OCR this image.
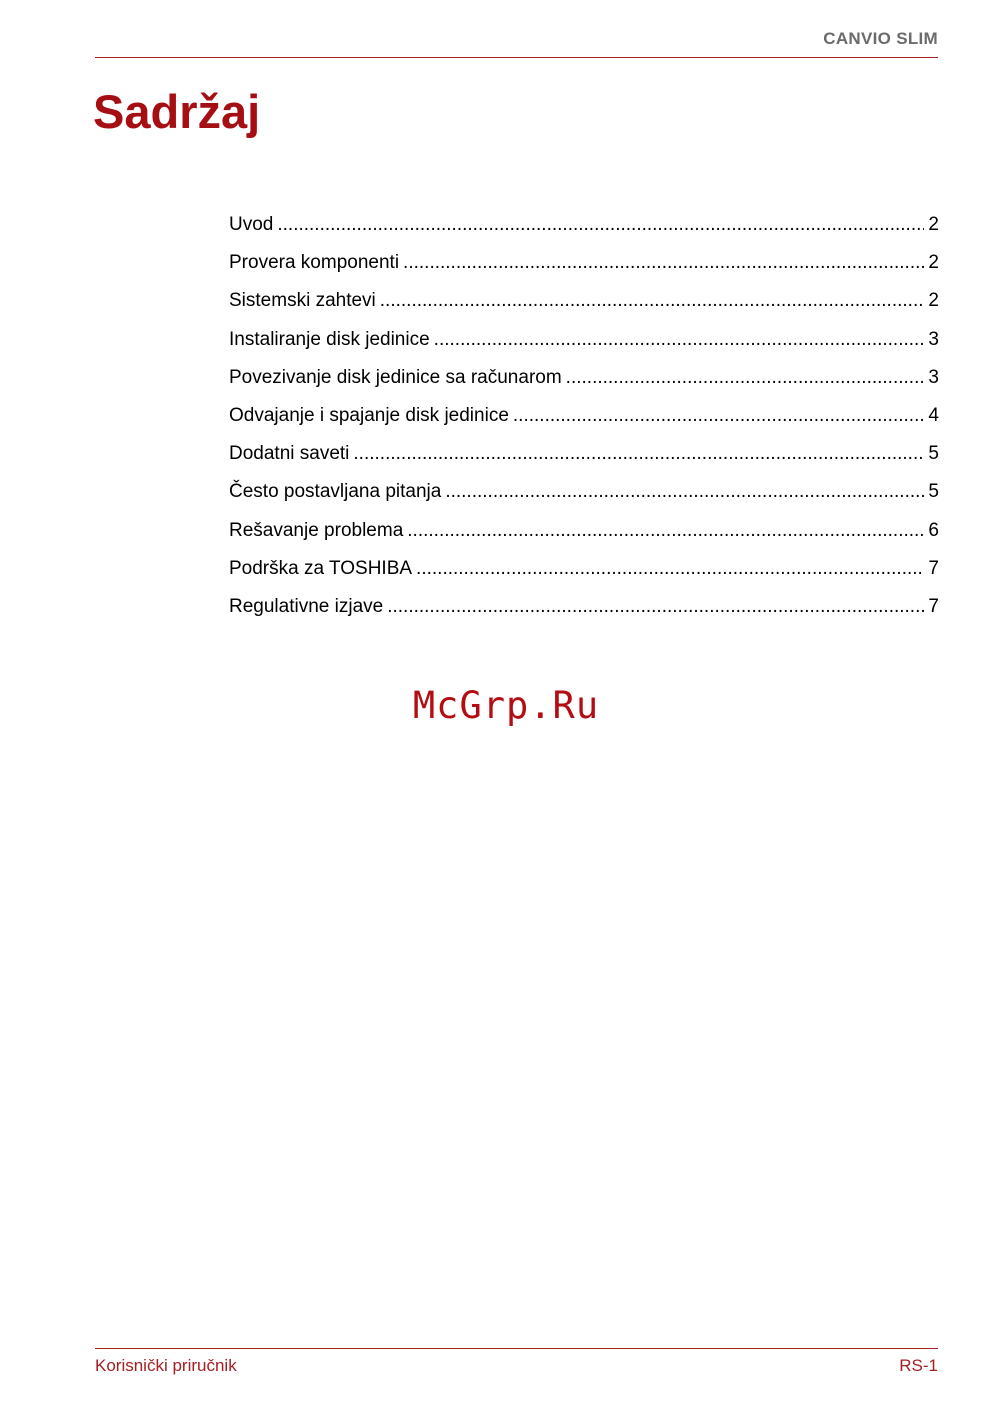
CANVIO SLIM
Sadržaj
Uvod .....	2
Provera komponenti .....	2
Sistemski zahtevi .....	2
Instaliranje disk jedinice .....	3
Povezivanje disk jedinice sa računarom .....	3
Odvajanje i spajanje disk jedinice .....	4
Dodatni saveti .....	5
Često postavljana pitanja .....	5
Rešavanje problema .....	6
Podrška za TOSHIBA .....	7
Regulativne izjave .....	7
McGrp.Ru
Korisnički priručnik	RS-1
